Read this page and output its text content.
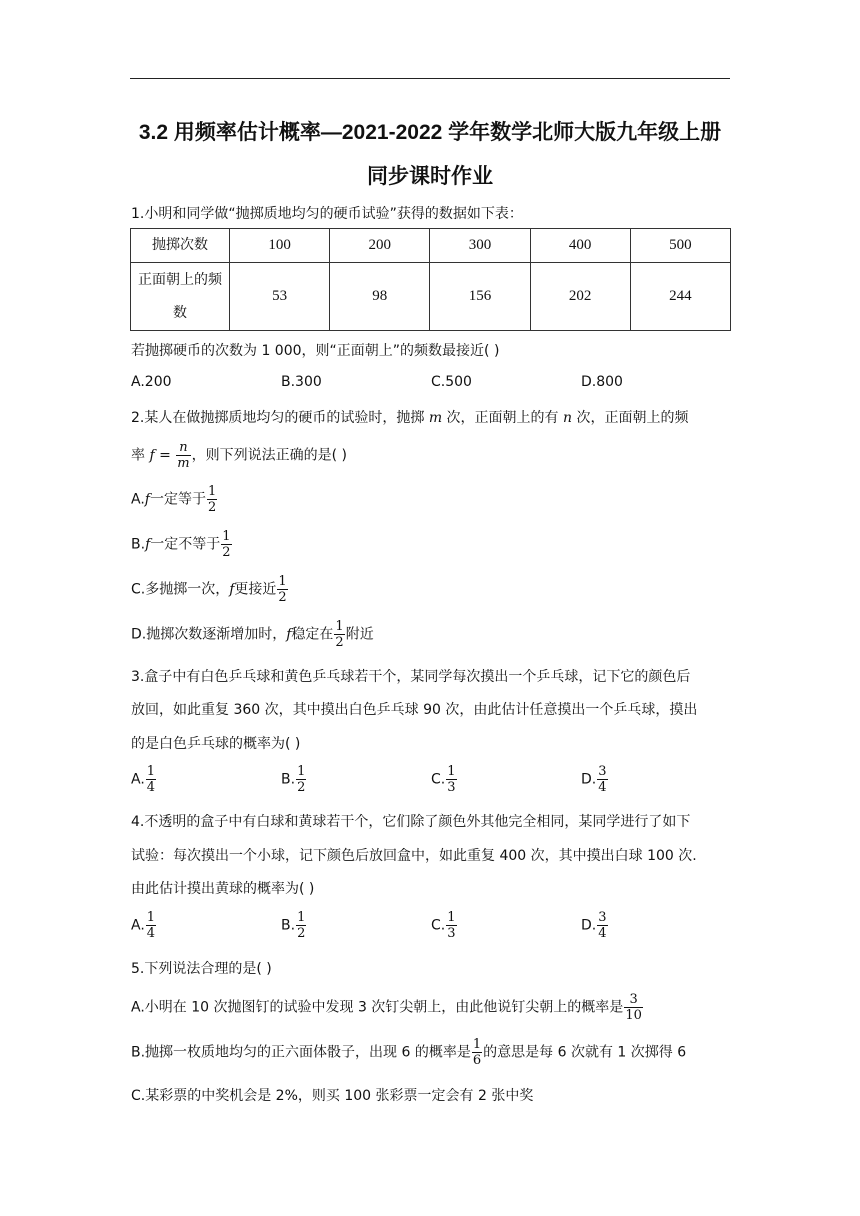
3.2 用频率估计概率—2021-2022 学年数学北师大版九年级上册
同步课时作业
1.小明和同学做“抛掷质地均匀的硬币试验”获得的数据如下表：
抛掷次数	100	200	300	400	500

正面朝上的频
数	53	98	156	202	244
若抛掷硬币的次数为 1 000，则“正面朝上”的频数最接近( )
A.200	B.300	C.500	D.800
2.某人在做抛掷质地均匀的硬币的试验时，抛掷 m 次，正面朝上的有 n 次，正面朝上的频
率 $f = \frac{n}{m}$ ，则下列说法正确的是( )
A.f一定等于 $\frac{1}{2}$
B.f一定不等于 $\frac{1}{2}$
C.多抛掷一次，f更接近 $\frac{1}{2}$
D.抛掷次数逐渐增加时，f稳定在 $\frac{1}{2}$ 附近
3.盒子中有白色乒乓球和黄色乒乓球若干个，某同学每次摸出一个乒乓球，记下它的颜色后
放回，如此重复 360 次，其中摸出白色乒乓球 90 次，由此估计任意摸出一个乒乓球，摸出
的是白色乒乓球的概率为( )
A. $\frac{1}{4}$	B. $\frac{1}{2}$	C. $\frac{1}{3}$	D. $\frac{3}{4}$
4.不透明的盒子中有白球和黄球若干个，它们除了颜色外其他完全相同，某同学进行了如下
试验：每次摸出一个小球，记下颜色后放回盒中，如此重复 400 次，其中摸出白球 100 次.
由此估计摸出黄球的概率为( )
A. $\frac{1}{4}$	B. $\frac{1}{2}$	C. $\frac{1}{3}$	D. $\frac{3}{4}$
5.下列说法合理的是( )
A.小明在 10 次抛图钉的试验中发现 3 次钉尖朝上，由此他说钉尖朝上的概率是 $\frac{3}{10}$
B.抛掷一枚质地均匀的正六面体骰子，出现 6 的概率是 $\frac{1}{6}$ 的意思是每 6 次就有 1 次掷得 6
C.某彩票的中奖机会是 2%，则买 100 张彩票一定会有 2 张中奖
